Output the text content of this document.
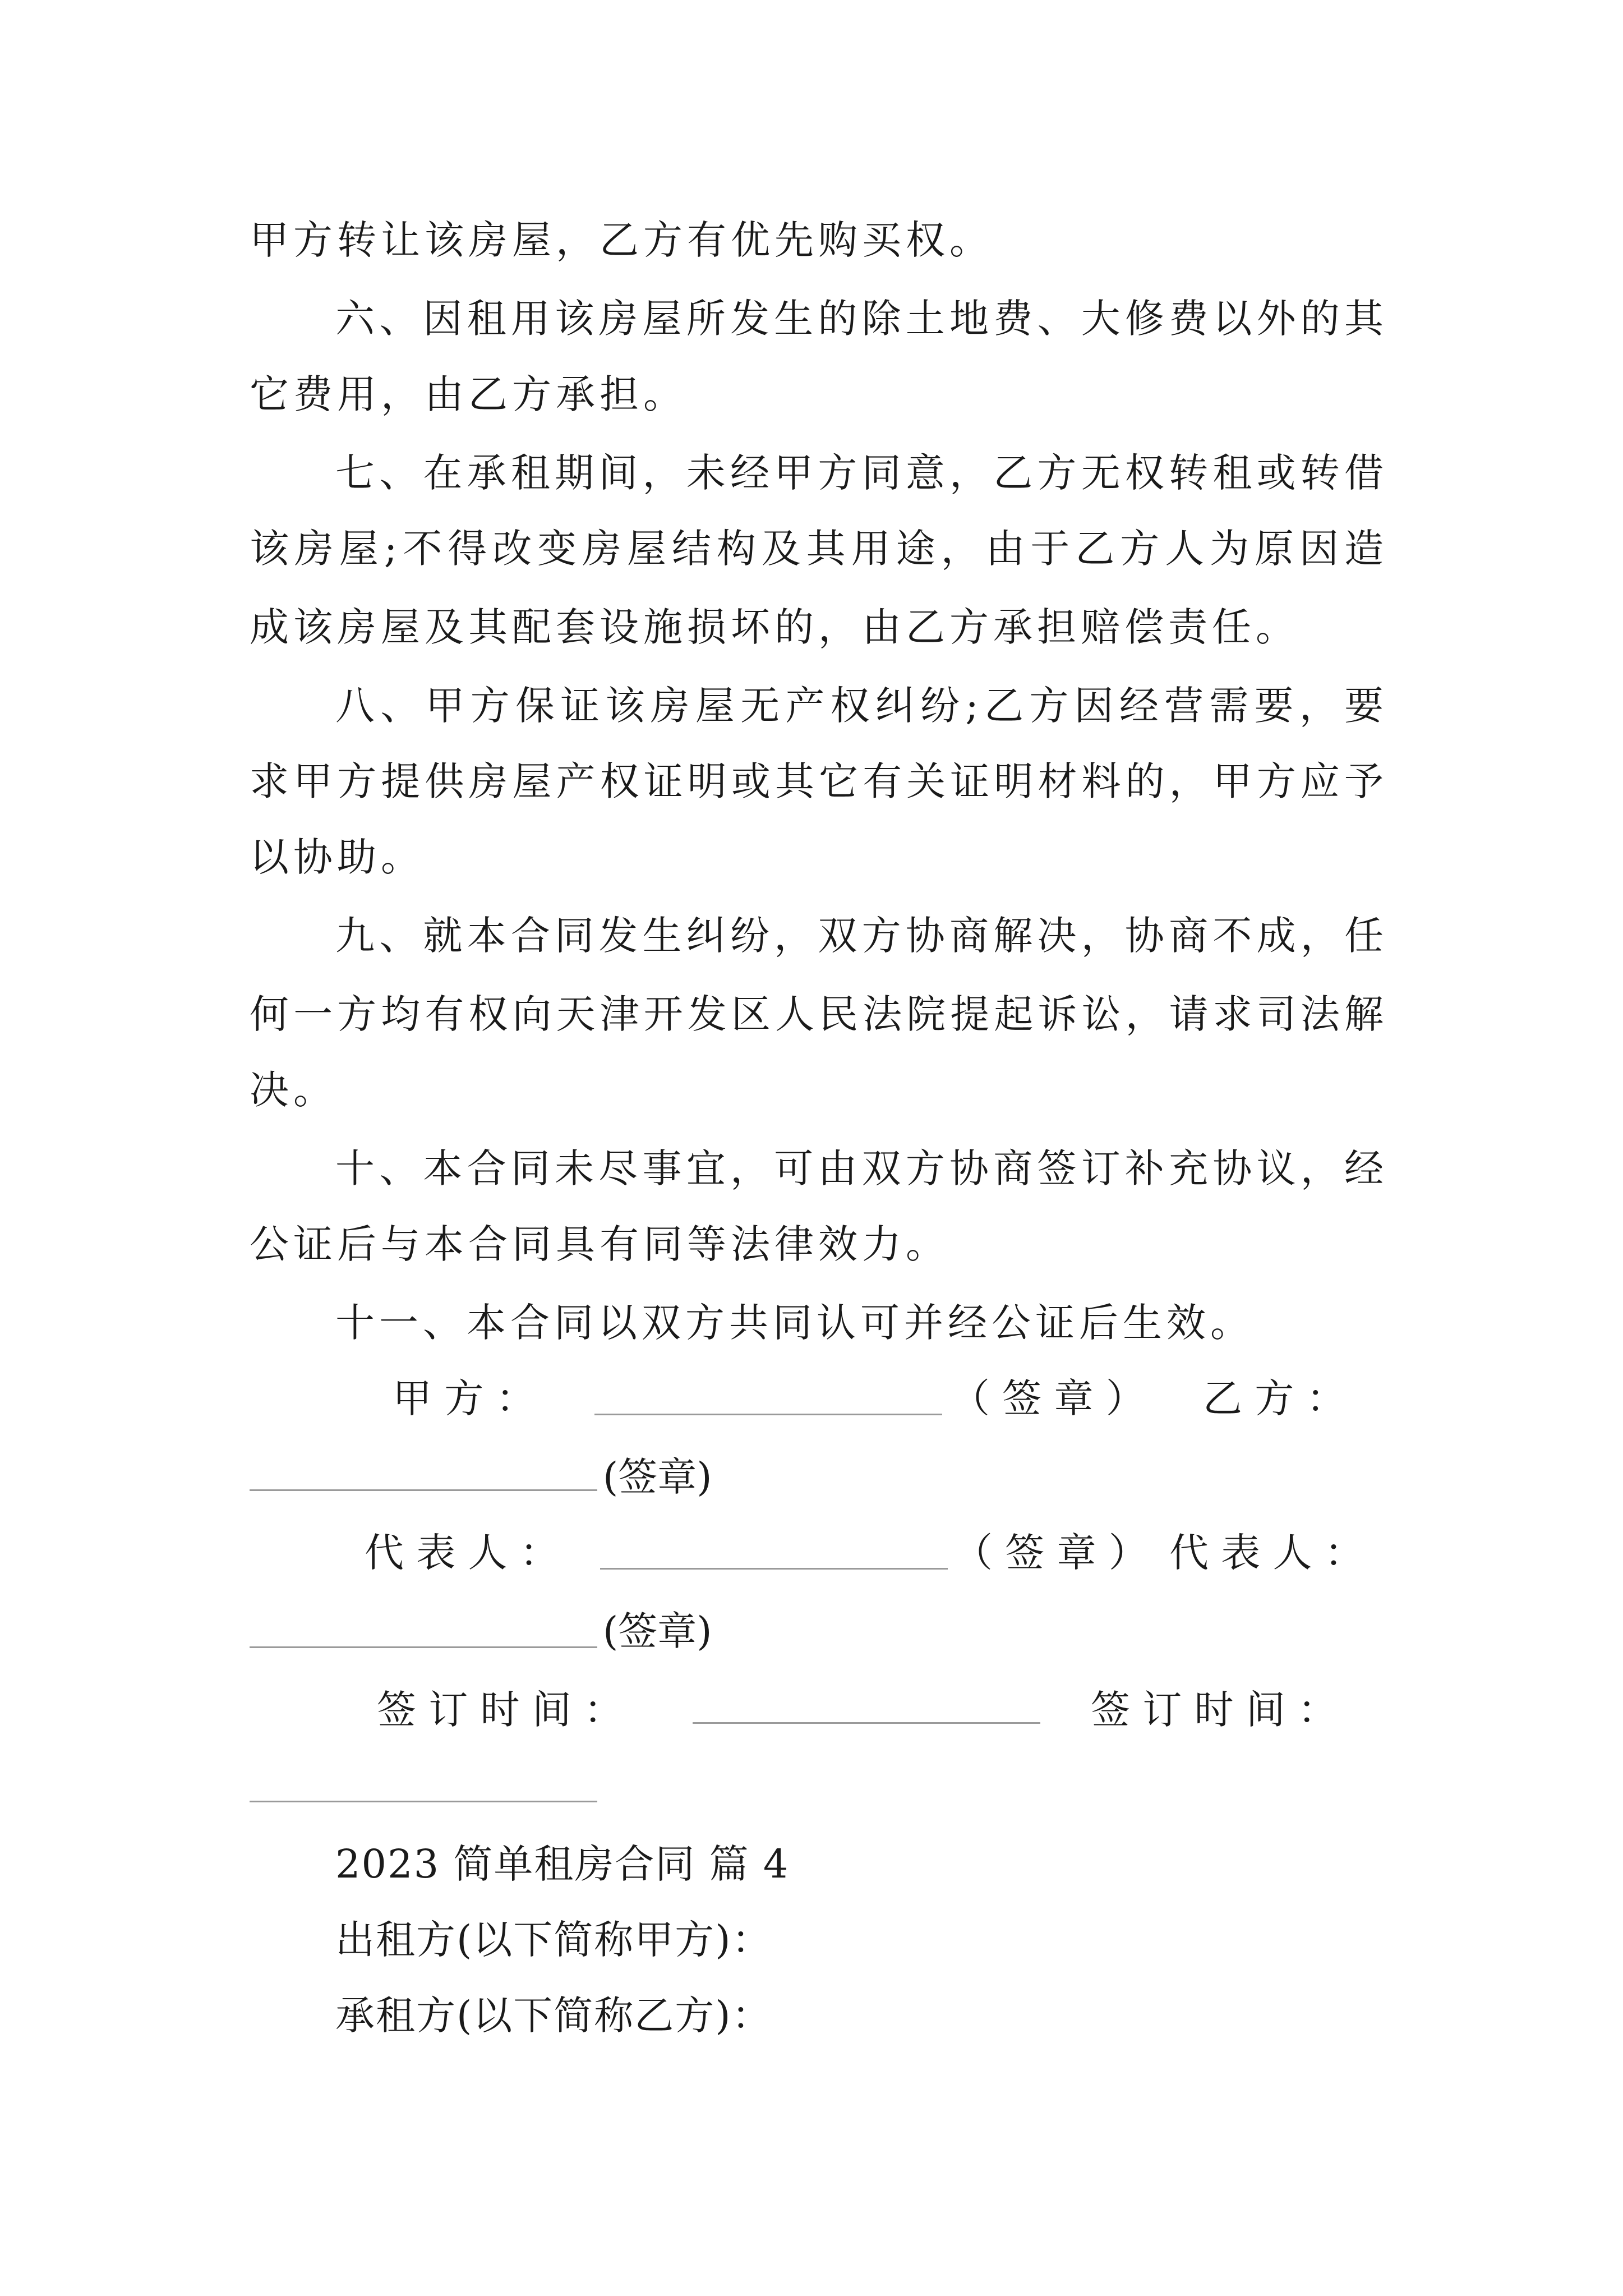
甲方转让该房屋，乙方有优先购买权。
六、因租用该房屋所发生的除土地费、大修费以外的其
它费用，由乙方承担。
七、在承租期间，未经甲方同意，乙方无权转租或转借
该房屋;不得改变房屋结构及其用途，由于乙方人为原因造
成该房屋及其配套设施损坏的，由乙方承担赔偿责任。
八、甲方保证该房屋无产权纠纷;乙方因经营需要，要
求甲方提供房屋产权证明或其它有关证明材料的，甲方应予
以协助。
九、就本合同发生纠纷，双方协商解决，协商不成，任
何一方均有权向天津开发区人民法院提起诉讼，请求司法解
决。
十、本合同未尽事宜，可由双方协商签订补充协议，经
公证后与本合同具有同等法律效力。
十一、本合同以双方共同认可并经公证后生效。
甲 方 ：	（ 签 章 ） 乙 方 ：
(签章)
代 表 人 ：	（ 签 章 ） 代 表 人 ：
(签章)
签 订 时 间 ：	签 订 时 间 ：
2023 简单租房合同 篇 4
出租方(以下简称甲方)：
承租方(以下简称乙方)：
